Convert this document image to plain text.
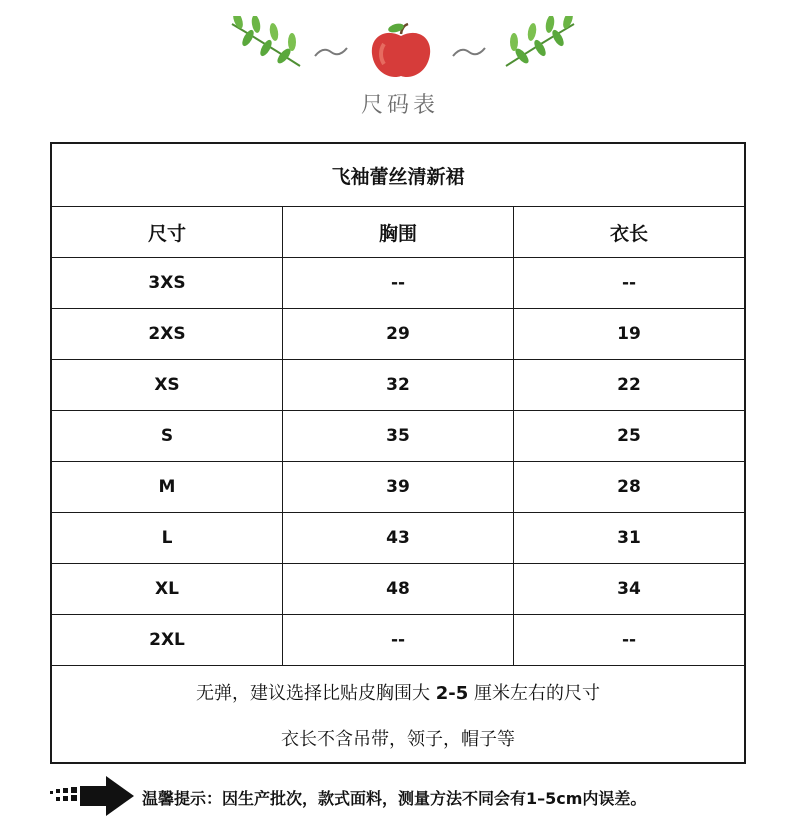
尺码表
飞袖蕾丝清新裙
尺寸	胸围	衣长
3XS	--	--
2XS	29	19
XS	32	22
S	35	25
M	39	28
L	43	31
XL	48	34
2XL	--	--
无弹，建议选择比贴皮胸围大 2-5 厘米左右的尺寸
衣长不含吊带，领子，帽子等
温馨提示：因生产批次，款式面料，测量方法不同会有1–5cm内误差。
